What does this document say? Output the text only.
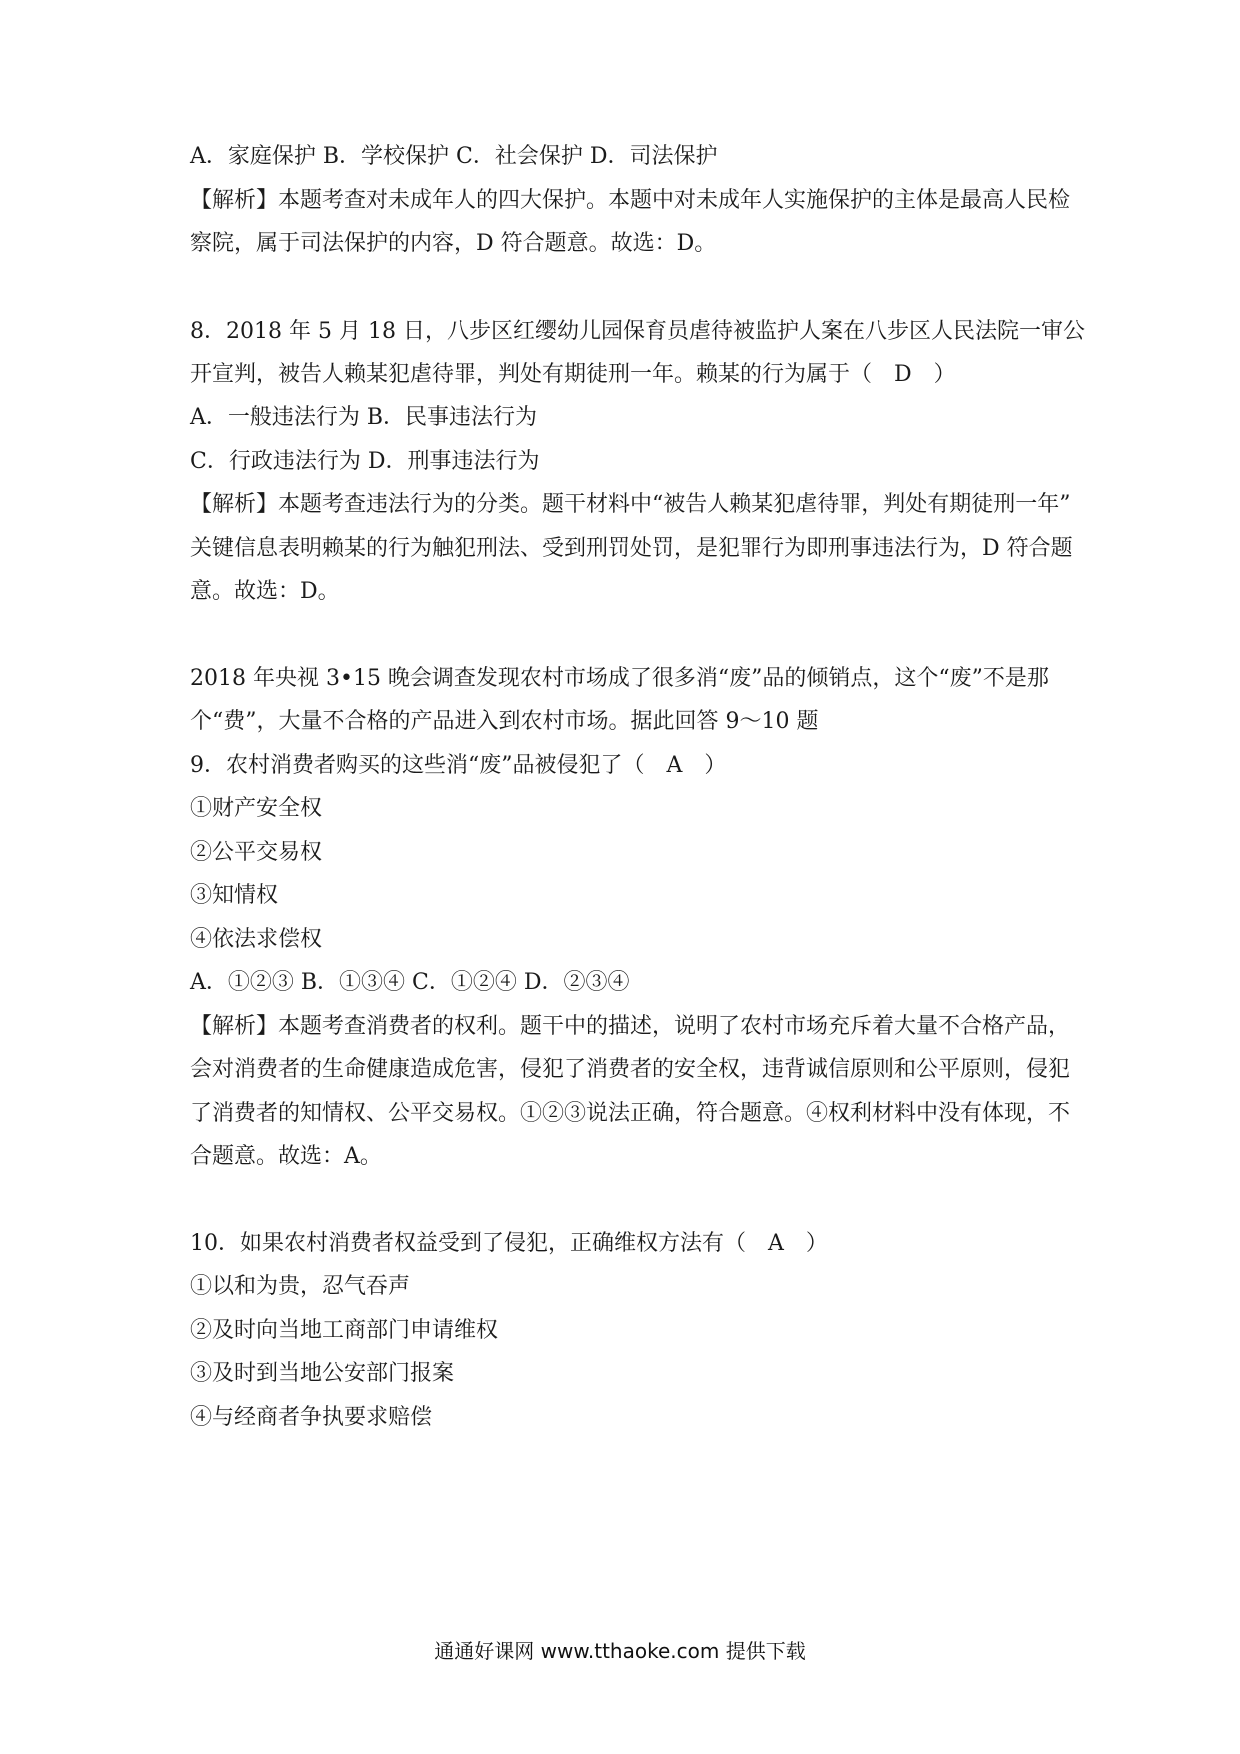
A．家庭保护 B．学校保护 C．社会保护 D．司法保护
【解析】本题考查对未成年人的四大保护。本题中对未成年人实施保护的主体是最高人民检
察院，属于司法保护的内容，D 符合题意。故选：D。
8．2018 年 5 月 18 日，八步区红缨幼儿园保育员虐待被监护人案在八步区人民法院一审公
开宣判，被告人赖某犯虐待罪，判处有期徒刑一年。赖某的行为属于（　D　）
A．一般违法行为 B．民事违法行为
C．行政违法行为 D．刑事违法行为
【解析】本题考查违法行为的分类。题干材料中“被告人赖某犯虐待罪，判处有期徒刑一年”
关键信息表明赖某的行为触犯刑法、受到刑罚处罚，是犯罪行为即刑事违法行为，D 符合题
意。故选：D。
2018 年央视 3•15 晚会调查发现农村市场成了很多消“废”品的倾销点，这个“废”不是那
个“费”，大量不合格的产品进入到农村市场。据此回答 9～10 题
9．农村消费者购买的这些消“废”品被侵犯了（　A　）
①财产安全权
②公平交易权
③知情权
④依法求偿权
A．①②③ B．①③④ C．①②④ D．②③④
【解析】本题考查消费者的权利。题干中的描述，说明了农村市场充斥着大量不合格产品，
会对消费者的生命健康造成危害，侵犯了消费者的安全权，违背诚信原则和公平原则，侵犯
了消费者的知情权、公平交易权。①②③说法正确，符合题意。④权利材料中没有体现，不
合题意。故选：A。
10．如果农村消费者权益受到了侵犯，正确维权方法有（　A　）
①以和为贵，忍气吞声
②及时向当地工商部门申请维权
③及时到当地公安部门报案
④与经商者争执要求赔偿
通通好课网 www.tthaoke.com 提供下载
